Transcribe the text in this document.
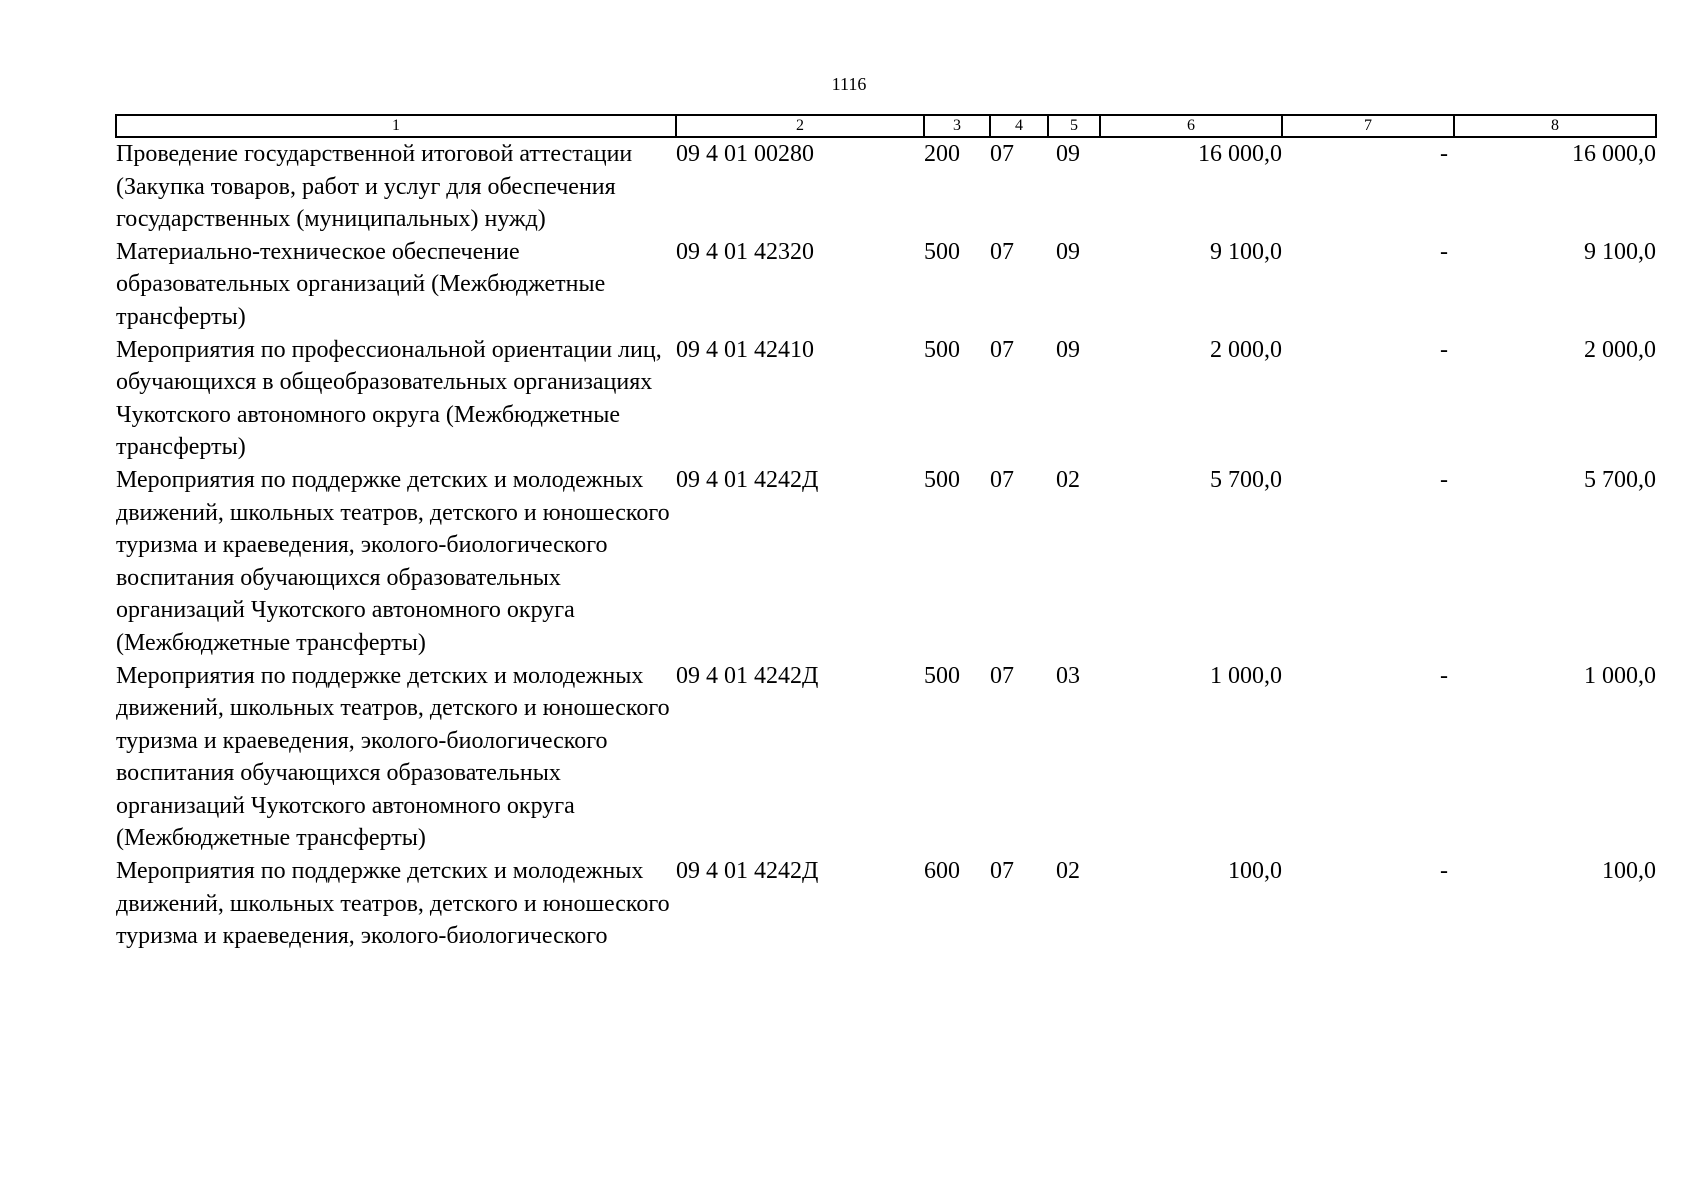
1116
1	2	3	4	5	6	7	8
Проведение государственной итоговой аттестации (Закупка товаров, работ и услуг для обеспечения государственных (муниципальных) нужд)	09 4 01 00280	200	07	09	16 000,0	-	16 000,0
Материально-техническое обеспечение образовательных организаций (Межбюджетные трансферты)	09 4 01 42320	500	07	09	9 100,0	-	9 100,0
Мероприятия по профессиональной ориентации лиц, обучающихся в общеобразовательных организациях Чукотского автономного округа (Межбюджетные трансферты)	09 4 01 42410	500	07	09	2 000,0	-	2 000,0
Мероприятия по поддержке детских и молодежных движений, школьных театров, детского и юношеского туризма и краеведения, эколого-биологического воспитания обучающихся образовательных организаций Чукотского автономного округа (Межбюджетные трансферты)	09 4 01 4242Д	500	07	02	5 700,0	-	5 700,0
Мероприятия по поддержке детских и молодежных движений, школьных театров, детского и юношеского туризма и краеведения, эколого-биологического воспитания обучающихся образовательных организаций Чукотского автономного округа (Межбюджетные трансферты)	09 4 01 4242Д	500	07	03	1 000,0	-	1 000,0
Мероприятия по поддержке детских и молодежных движений, школьных театров, детского и юношеского туризма и краеведения, эколого-биологического	09 4 01 4242Д	600	07	02	100,0	-	100,0
